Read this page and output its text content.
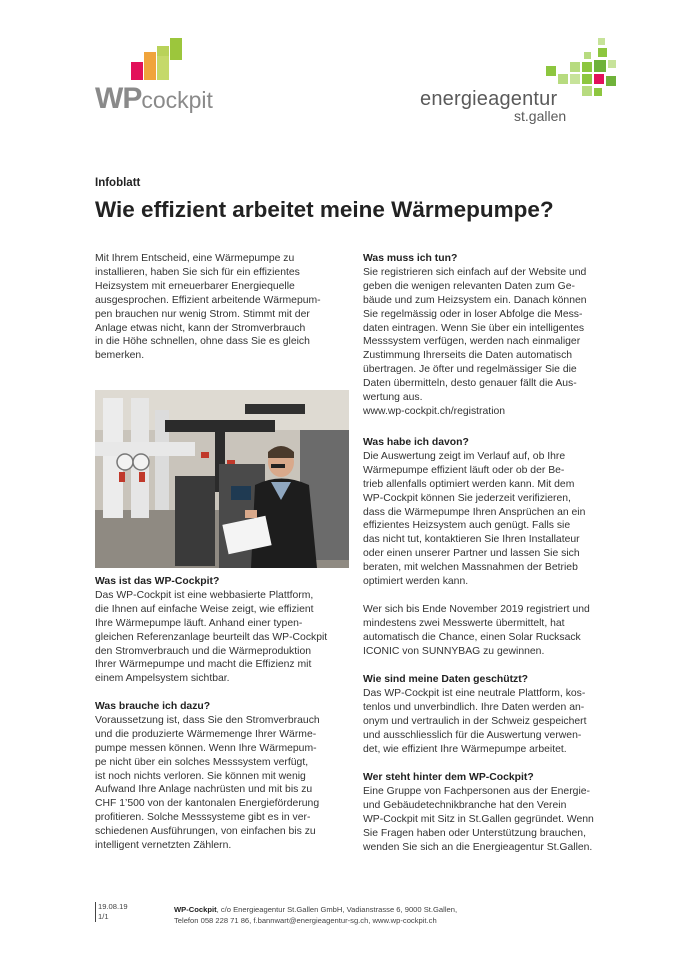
WPcockpit	energieagentur
st.gallen
Infoblatt
Wie effizient arbeitet meine Wärmepumpe?
Mit Ihrem Entscheid, eine Wärmepumpe zu
installieren, haben Sie sich für ein effizientes
Heizsystem mit erneuerbarer Energiequelle
ausgesprochen. Effizient arbeitende Wärmepum-
pen brauchen nur wenig Strom. Stimmt mit der
Anlage etwas nicht, kann der Stromverbrauch
in die Höhe schnellen, ohne dass Sie es gleich
bemerken.
Was ist das WP-Cockpit?
Das WP-Cockpit ist eine webbasierte Plattform,
die Ihnen auf einfache Weise zeigt, wie effizient
Ihre Wärmepumpe läuft. Anhand einer typen-
gleichen Referenzanlage beurteilt das WP-Cockpit
den Stromverbrauch und die Wärmeproduktion
Ihrer Wärmepumpe und macht die Effizienz mit
einem Ampelsystem sichtbar.
Was brauche ich dazu?
Voraussetzung ist, dass Sie den Stromverbrauch
und die produzierte Wärmemenge Ihrer Wärme-
pumpe messen können. Wenn Ihre Wärmepum-
pe nicht über ein solches Messsystem verfügt,
ist noch nichts verloren. Sie können mit wenig
Aufwand Ihre Anlage nachrüsten und mit bis zu
CHF 1’500 von der kantonalen Energieförderung
profitieren. Solche Messsysteme gibt es in ver-
schiedenen Ausführungen, von einfachen bis zu
intelligent vernetzten Zählern.
Was muss ich tun?
Sie registrieren sich einfach auf der Website und
geben die wenigen relevanten Daten zum Ge-
bäude und zum Heizsystem ein. Danach können
Sie regelmässig oder in loser Abfolge die Mess-
daten eintragen. Wenn Sie über ein intelligentes
Messsystem verfügen, werden nach einmaliger
Zustimmung Ihrerseits die Daten automatisch
übertragen. Je öfter und regelmässiger Sie die
Daten übermitteln, desto genauer fällt die Aus-
wertung aus.
www.wp-cockpit.ch/registration
Was habe ich davon?
Die Auswertung zeigt im Verlauf auf, ob Ihre
Wärmepumpe effizient läuft oder ob der Be-
trieb allenfalls optimiert werden kann. Mit dem
WP-Cockpit können Sie jederzeit verifizieren,
dass die Wärmepumpe Ihren Ansprüchen an ein
effizientes Heizsystem auch genügt. Falls sie
das nicht tut, kontaktieren Sie Ihren Installateur
oder einen unserer Partner und lassen Sie sich
beraten, mit welchen Massnahmen der Betrieb
optimiert werden kann.
Wer sich bis Ende November 2019 registriert und
mindestens zwei Messwerte übermittelt, hat
automatisch die Chance, einen Solar Rucksack
ICONIC von SUNNYBAG zu gewinnen.
Wie sind meine Daten geschützt?
Das WP-Cockpit ist eine neutrale Plattform, kos-
tenlos und unverbindlich. Ihre Daten werden an-
onym und vertraulich in der Schweiz gespeichert
und ausschliesslich für die Auswertung verwen-
det, wie effizient Ihre Wärmepumpe arbeitet.
Wer steht hinter dem WP-Cockpit?
Eine Gruppe von Fachpersonen aus der Energie-
und Gebäudetechnikbranche hat den Verein
WP-Cockpit mit Sitz in St.Gallen gegründet. Wenn
Sie Fragen haben oder Unterstützung brauchen,
wenden Sie sich an die Energieagentur St.Gallen.
19.08.19
1/1
WP-Cockpit, c/o Energieagentur St.Gallen GmbH, Vadianstrasse 6, 9000 St.Gallen,
Telefon 058 228 71 86, f.bannwart@energieagentur-sg.ch, www.wp-cockpit.ch
